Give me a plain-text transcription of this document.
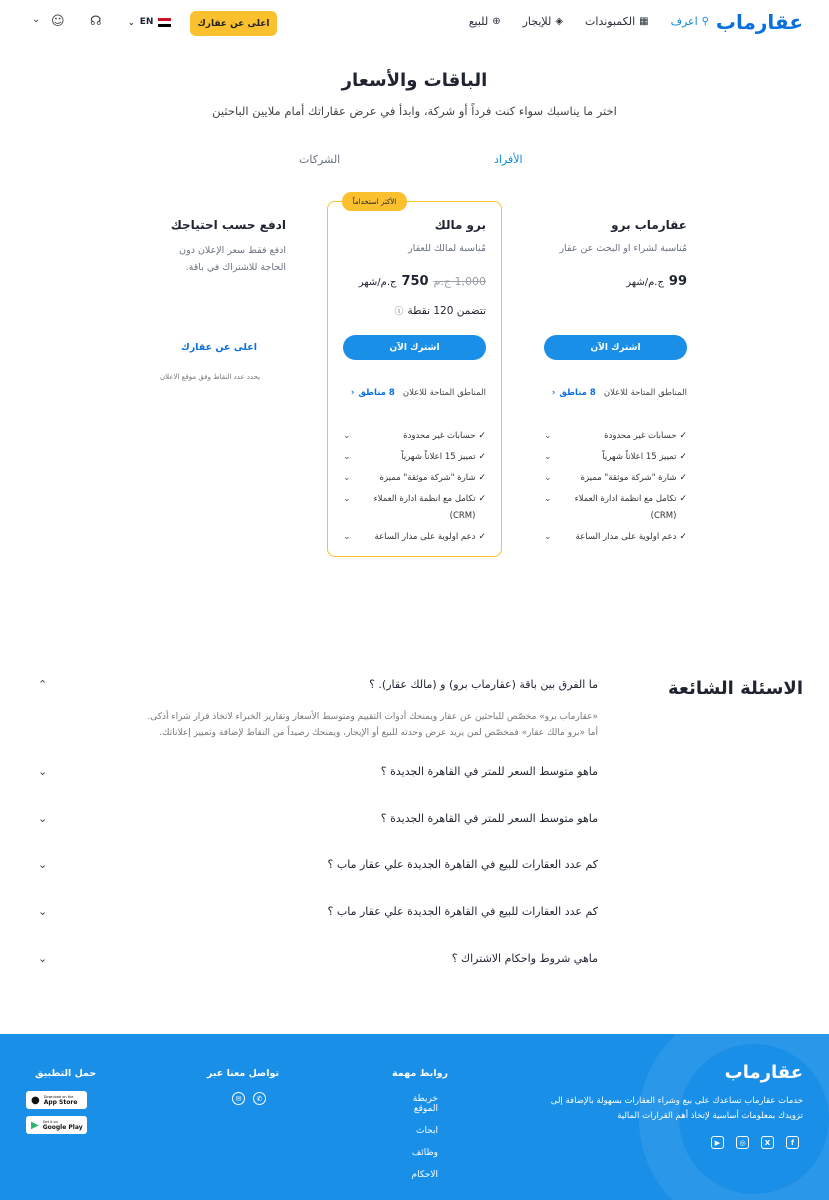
عقارماب
⊕
للبيع	◈
للإيجار	▦
الكمبوندات	⚲
اعرف
اعلى عن عقارك
⌄ EN
☊
☺
⌄
الباقات والأسعار
اختر ما يناسبك سواء كنت فرداً أو شركة، وابدأ في عرض عقاراتك أمام ملايين الباحثين
الأفراد
الشركات
عقارماب برو
مُناسبة لشراء او البحث عن عقار
99
ج.م/شهر
اشترك الآن
المناطق المتاحة للاعلان
8 مناطق
‹
✓
حسابات غير محدودة
⌄
✓
تمييز 15 اعلاناً شهرياً
⌄
✓
شارة "شركة موثقة" مميزة
⌄
✓
تكامل مع انظمة ادارة العملاء (CRM)
⌄
✓
دعم اولوية على مدار الساعة
⌄
الأكثر استخداماً
برو مالك
مُناسبة لمالك للعقار
1,000 ج.م
750
ج.م/شهر
تتضمن 120 نقطة
ⓘ
اشترك الآن
المناطق المتاحة للاعلان
8 مناطق
‹
✓
حسابات غير محدودة
⌄
✓
تمييز 15 اعلاناً شهرياً
⌄
✓
شارة "شركة موثقة" مميزة
⌄
✓
تكامل مع انظمة ادارة العملاء (CRM)
⌄
✓
دعم اولوية على مدار الساعة
⌄
ادفع حسب احتياجك
ادفع فقط سعر الإعلان دون الحاجة للاشتراك في باقة.
اعلى عن عقارك
يحدد عدد النقاط وفق موقع الاعلان
الاسئلة الشائعة
ما الفرق بين باقة (عقارماب برو) و (مالك عقار). ؟
⌃
«عقارماب برو» مخصّص للباحثين عن عقار ويمنحك أدوات التقييم ومتوسط الأسعار وتقارير الخبراء لاتخاذ قرار شراء أذكى.
أما «برو مالك عقار» فمخصّص لمن يريد عرض وحدته للبيع أو الإيجار، ويمنحك رصيداً من النقاط لإضافة وتمييز إعلاناتك.
ماهو متوسط السعر للمتر في القاهرة الجديدة ؟
⌄
ماهو متوسط السعر للمتر في القاهرة الجديدة ؟
⌄
كم عدد العقارات للبيع في القاهرة الجديدة علي عقار ماب ؟
⌄
كم عدد العقارات للبيع في القاهرة الجديدة علي عقار ماب ؟
⌄
ماهي شروط واحكام الاشتراك ؟
⌄
عقارماب
خدمات عقارماب تساعدك على بيع وشراء العقارات بسهولة بالإضافة إلى تزويدك بمعلومات أساسية لإتخاذ أهم القرارات المالية
f
X
◎
▶
روابط مهمة
خريطة الموقع
ابحاث
وظائف
الاحكام
تواصل معنا عبر
✉	✆
حمل التطبيق
● Download on the
App Store
▶ Get it on
Google Play
